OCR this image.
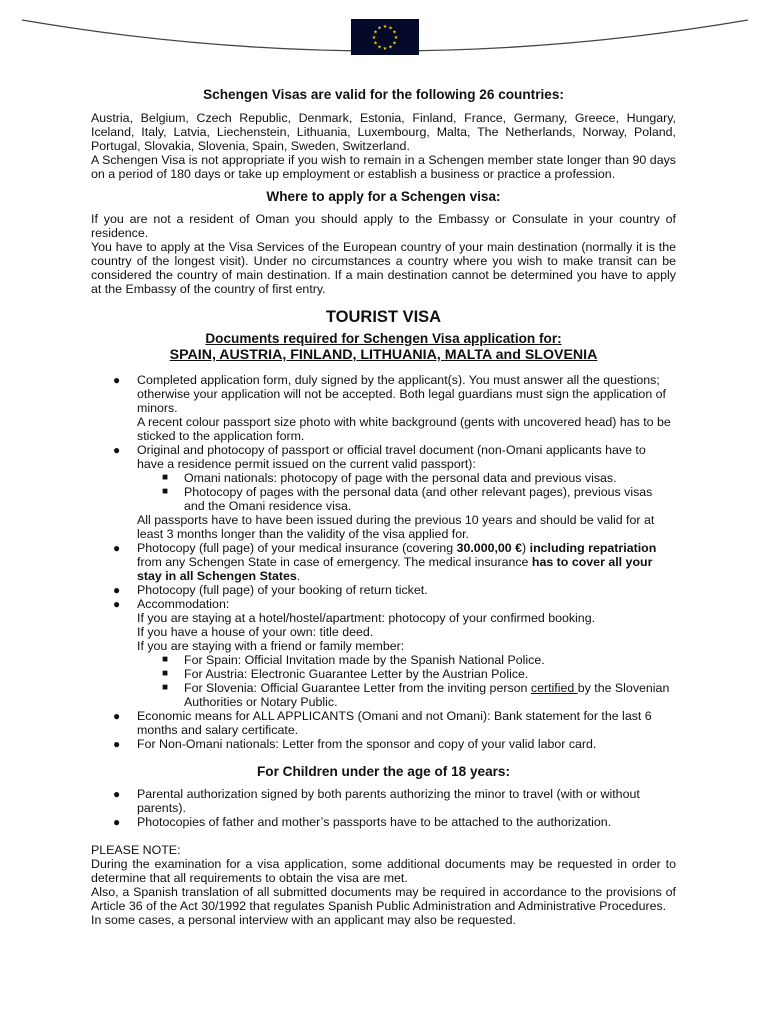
★
★
★
★
★
★
★
★
★ ★ ★
★
Schengen Visas are valid for the following 26 countries:

Austria, Belgium, Czech Republic, Denmark, Estonia, Finland, France, Germany, Greece, Hungary, Iceland, Italy, Latvia, Liechenstein, Lithuania, Luxembourg, Malta, The Netherlands, Norway, Poland, Portugal, Slovakia, Slovenia, Spain, Sweden, Switzerland.

A Schengen Visa is not appropriate if you wish to remain in a Schengen member state longer than 90 days on a period of 180 days or take up employment or establish a business or practice a profession.

Where to apply for a Schengen visa:

If you are not a resident of Oman you should apply to the Embassy or Consulate in your country of residence.

You have to apply at the Visa Services of the European country of your main destination (normally it is the country of the longest visit). Under no circumstances a country where you wish to make transit can be considered the country of main destination. If a main destination cannot be determined you have to apply at the Embassy of the country of first entry.

TOURIST VISA
Documents required for Schengen Visa application for:
SPAIN, AUSTRIA, FINLAND, LITHUANIA, MALTA and SLOVENIA
● Completed application form, duly signed by the applicant(s). You must answer all the questions; otherwise your application will not be accepted. Both legal guardians must sign the application of minors.
A recent colour passport size photo with white background (gents with uncovered head) has to be sticked to the application form.
● Original and photocopy of passport or official travel document (non-Omani applicants have to have a residence permit issued on the current valid passport):
■ Omani nationals: photocopy of page with the personal data and previous visas.
■ Photocopy of pages with the personal data (and other relevant pages), previous visas and the Omani residence visa.
All passports have to have been issued during the previous 10 years and should be valid for at least 3 months longer than the validity of the visa applied for.
● Photocopy (full page) of your medical insurance (covering 30.000,00 €) including repatriation from any Schengen State in case of emergency. The medical insurance has to cover all your stay in all Schengen States.
● Photocopy (full page) of your booking of return ticket.
● Accommodation:
If you are staying at a hotel/hostel/apartment: photocopy of your confirmed booking.
If you have a house of your own: title deed.
If you are staying with a friend or family member:
■ For Spain: Official Invitation made by the Spanish National Police.
■ For Austria: Electronic Guarantee Letter by the Austrian Police.
■ For Slovenia: Official Guarantee Letter from the inviting person certified by the Slovenian Authorities or Notary Public.
● Economic means for ALL APPLICANTS (Omani and not Omani): Bank statement for the last 6 months and salary certificate.
● For Non-Omani nationals: Letter from the sponsor and copy of your valid labor card.
For Children under the age of 18 years:
● Parental authorization signed by both parents authorizing the minor to travel (with or without parents).
● Photocopies of father and mother’s passports have to be attached to the authorization.

PLEASE NOTE:

During the examination for a visa application, some additional documents may be requested in order to determine that all requirements to obtain the visa are met.

Also, a Spanish translation of all submitted documents may be required in accordance to the provisions of Article 36 of the Act 30/1992 that regulates Spanish Public Administration and Administrative Procedures.

In some cases, a personal interview with an applicant may also be requested.
